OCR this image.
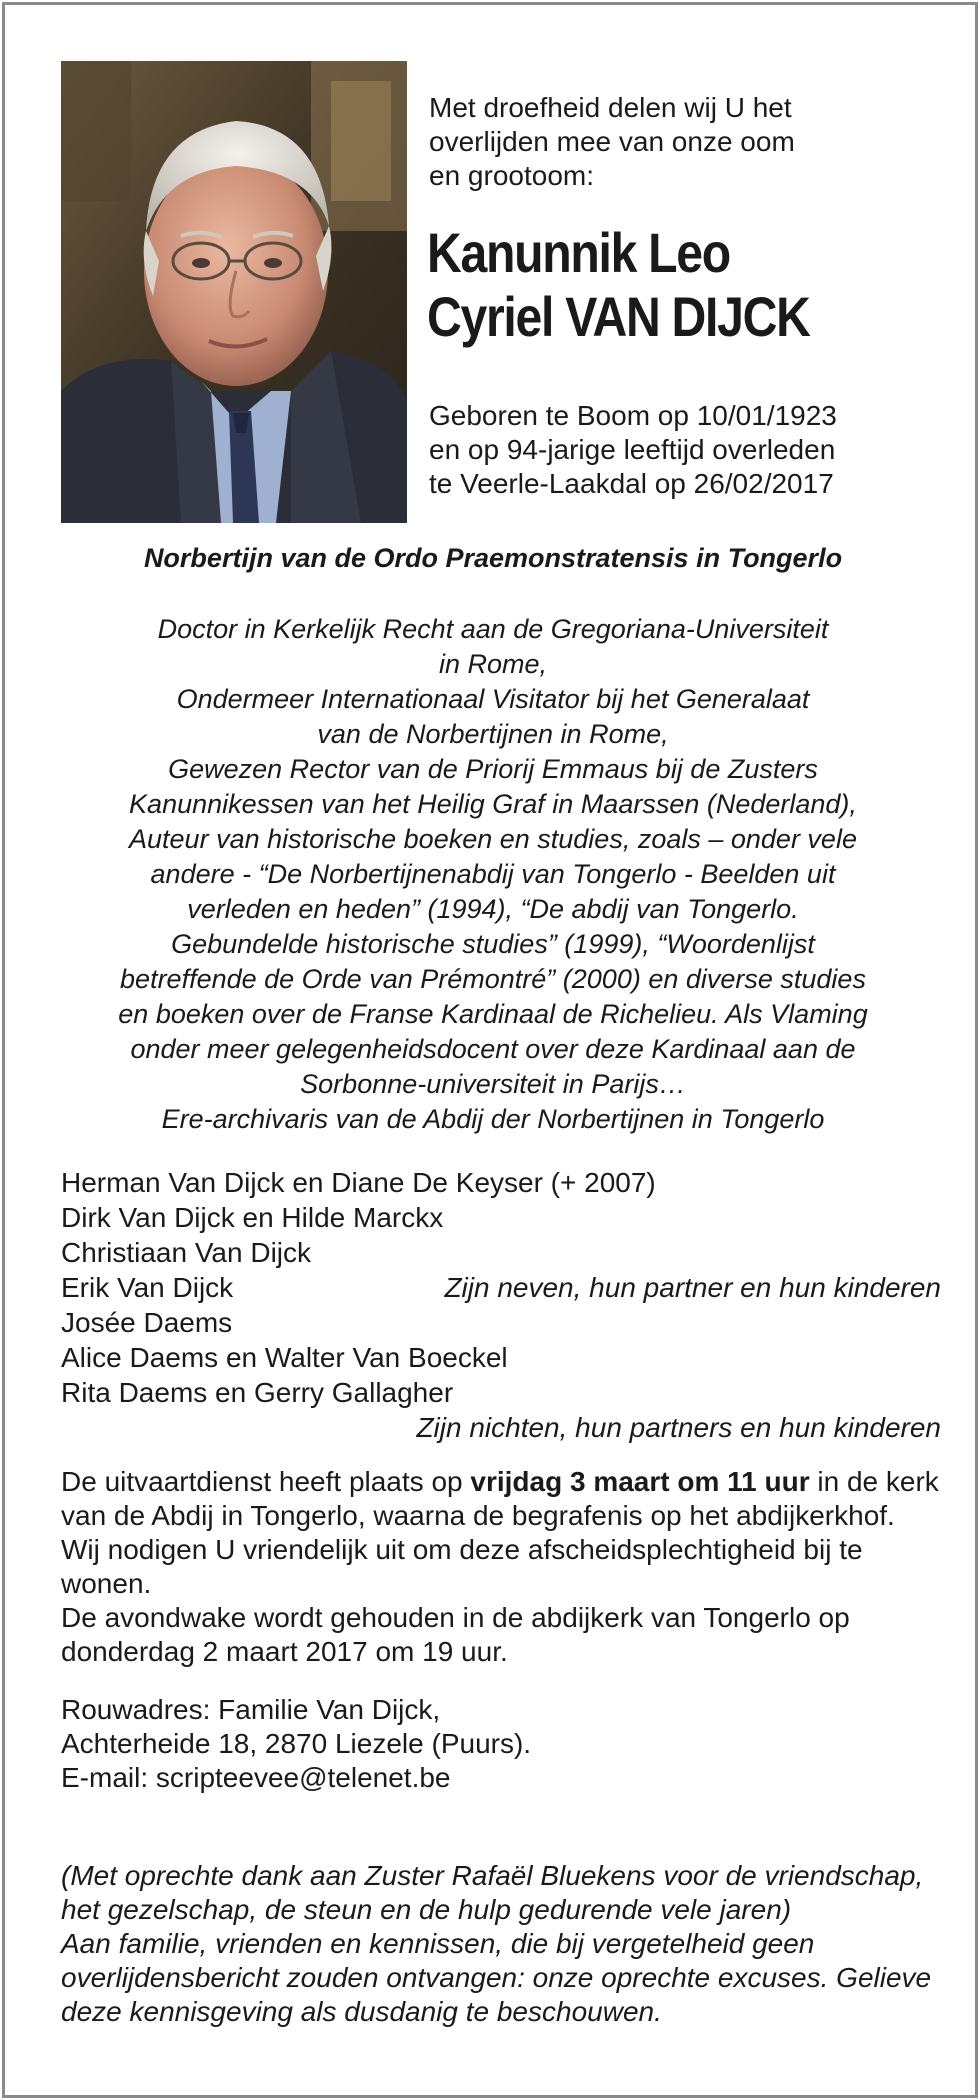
Met droefheid delen wij U het
overlijden mee van onze oom
en grootoom:
Kanunnik Leo
Cyriel VAN DIJCK
Geboren te Boom op 10/01/1923
en op 94-jarige leeftijd overleden
te Veerle-Laakdal op 26/02/2017
Norbertijn van de Ordo Praemonstratensis in Tongerlo
Doctor in Kerkelijk Recht aan de Gregoriana-Universiteit
in Rome,
Ondermeer Internationaal Visitator bij het Generalaat
van de Norbertijnen in Rome,
Gewezen Rector van de Priorij Emmaus bij de Zusters
Kanunnikessen van het Heilig Graf in Maarssen (Nederland),
Auteur van historische boeken en studies, zoals – onder vele
andere - “De Norbertijnenabdij van Tongerlo - Beelden uit
verleden en heden” (1994), “De abdij van Tongerlo.
Gebundelde historische studies” (1999), “Woordenlijst
betreffende de Orde van Prémontré” (2000) en diverse studies
en boeken over de Franse Kardinaal de Richelieu. Als Vlaming
onder meer gelegenheidsdocent over deze Kardinaal aan de
Sorbonne-universiteit in Parijs…
Ere-archivaris van de Abdij der Norbertijnen in Tongerlo
Herman Van Dijck en Diane De Keyser (+ 2007)
Dirk Van Dijck en Hilde Marckx
Christiaan Van Dijck
Erik Van Dijck	Zijn neven, hun partner en hun kinderen
Josée Daems
Alice Daems en Walter Van Boeckel
Rita Daems en Gerry Gallagher
Zijn nichten, hun partners en hun kinderen

De uitvaartdienst heeft plaats op vrijdag 3 maart om 11 uur in de kerk van de Abdij in Tongerlo, waarna de begrafenis op het abdijkerkhof.

Wij nodigen U vriendelijk uit om deze afscheidsplechtigheid bij te wonen.

De avondwake wordt gehouden in de abdijkerk van Tongerlo op donderdag 2 maart 2017 om 19 uur.

Rouwadres: Familie Van Dijck,
Achterheide 18, 2870 Liezele (Puurs).
E-mail: scripteevee@telenet.be

(Met oprechte dank aan Zuster Rafaël Bluekens voor de vriendschap, het gezelschap, de steun en de hulp gedurende vele jaren)

Aan familie, vrienden en kennissen, die bij vergetelheid geen overlijdensbericht zouden ontvangen: onze oprechte excuses. Gelieve deze kennisgeving als dusdanig te beschouwen.
